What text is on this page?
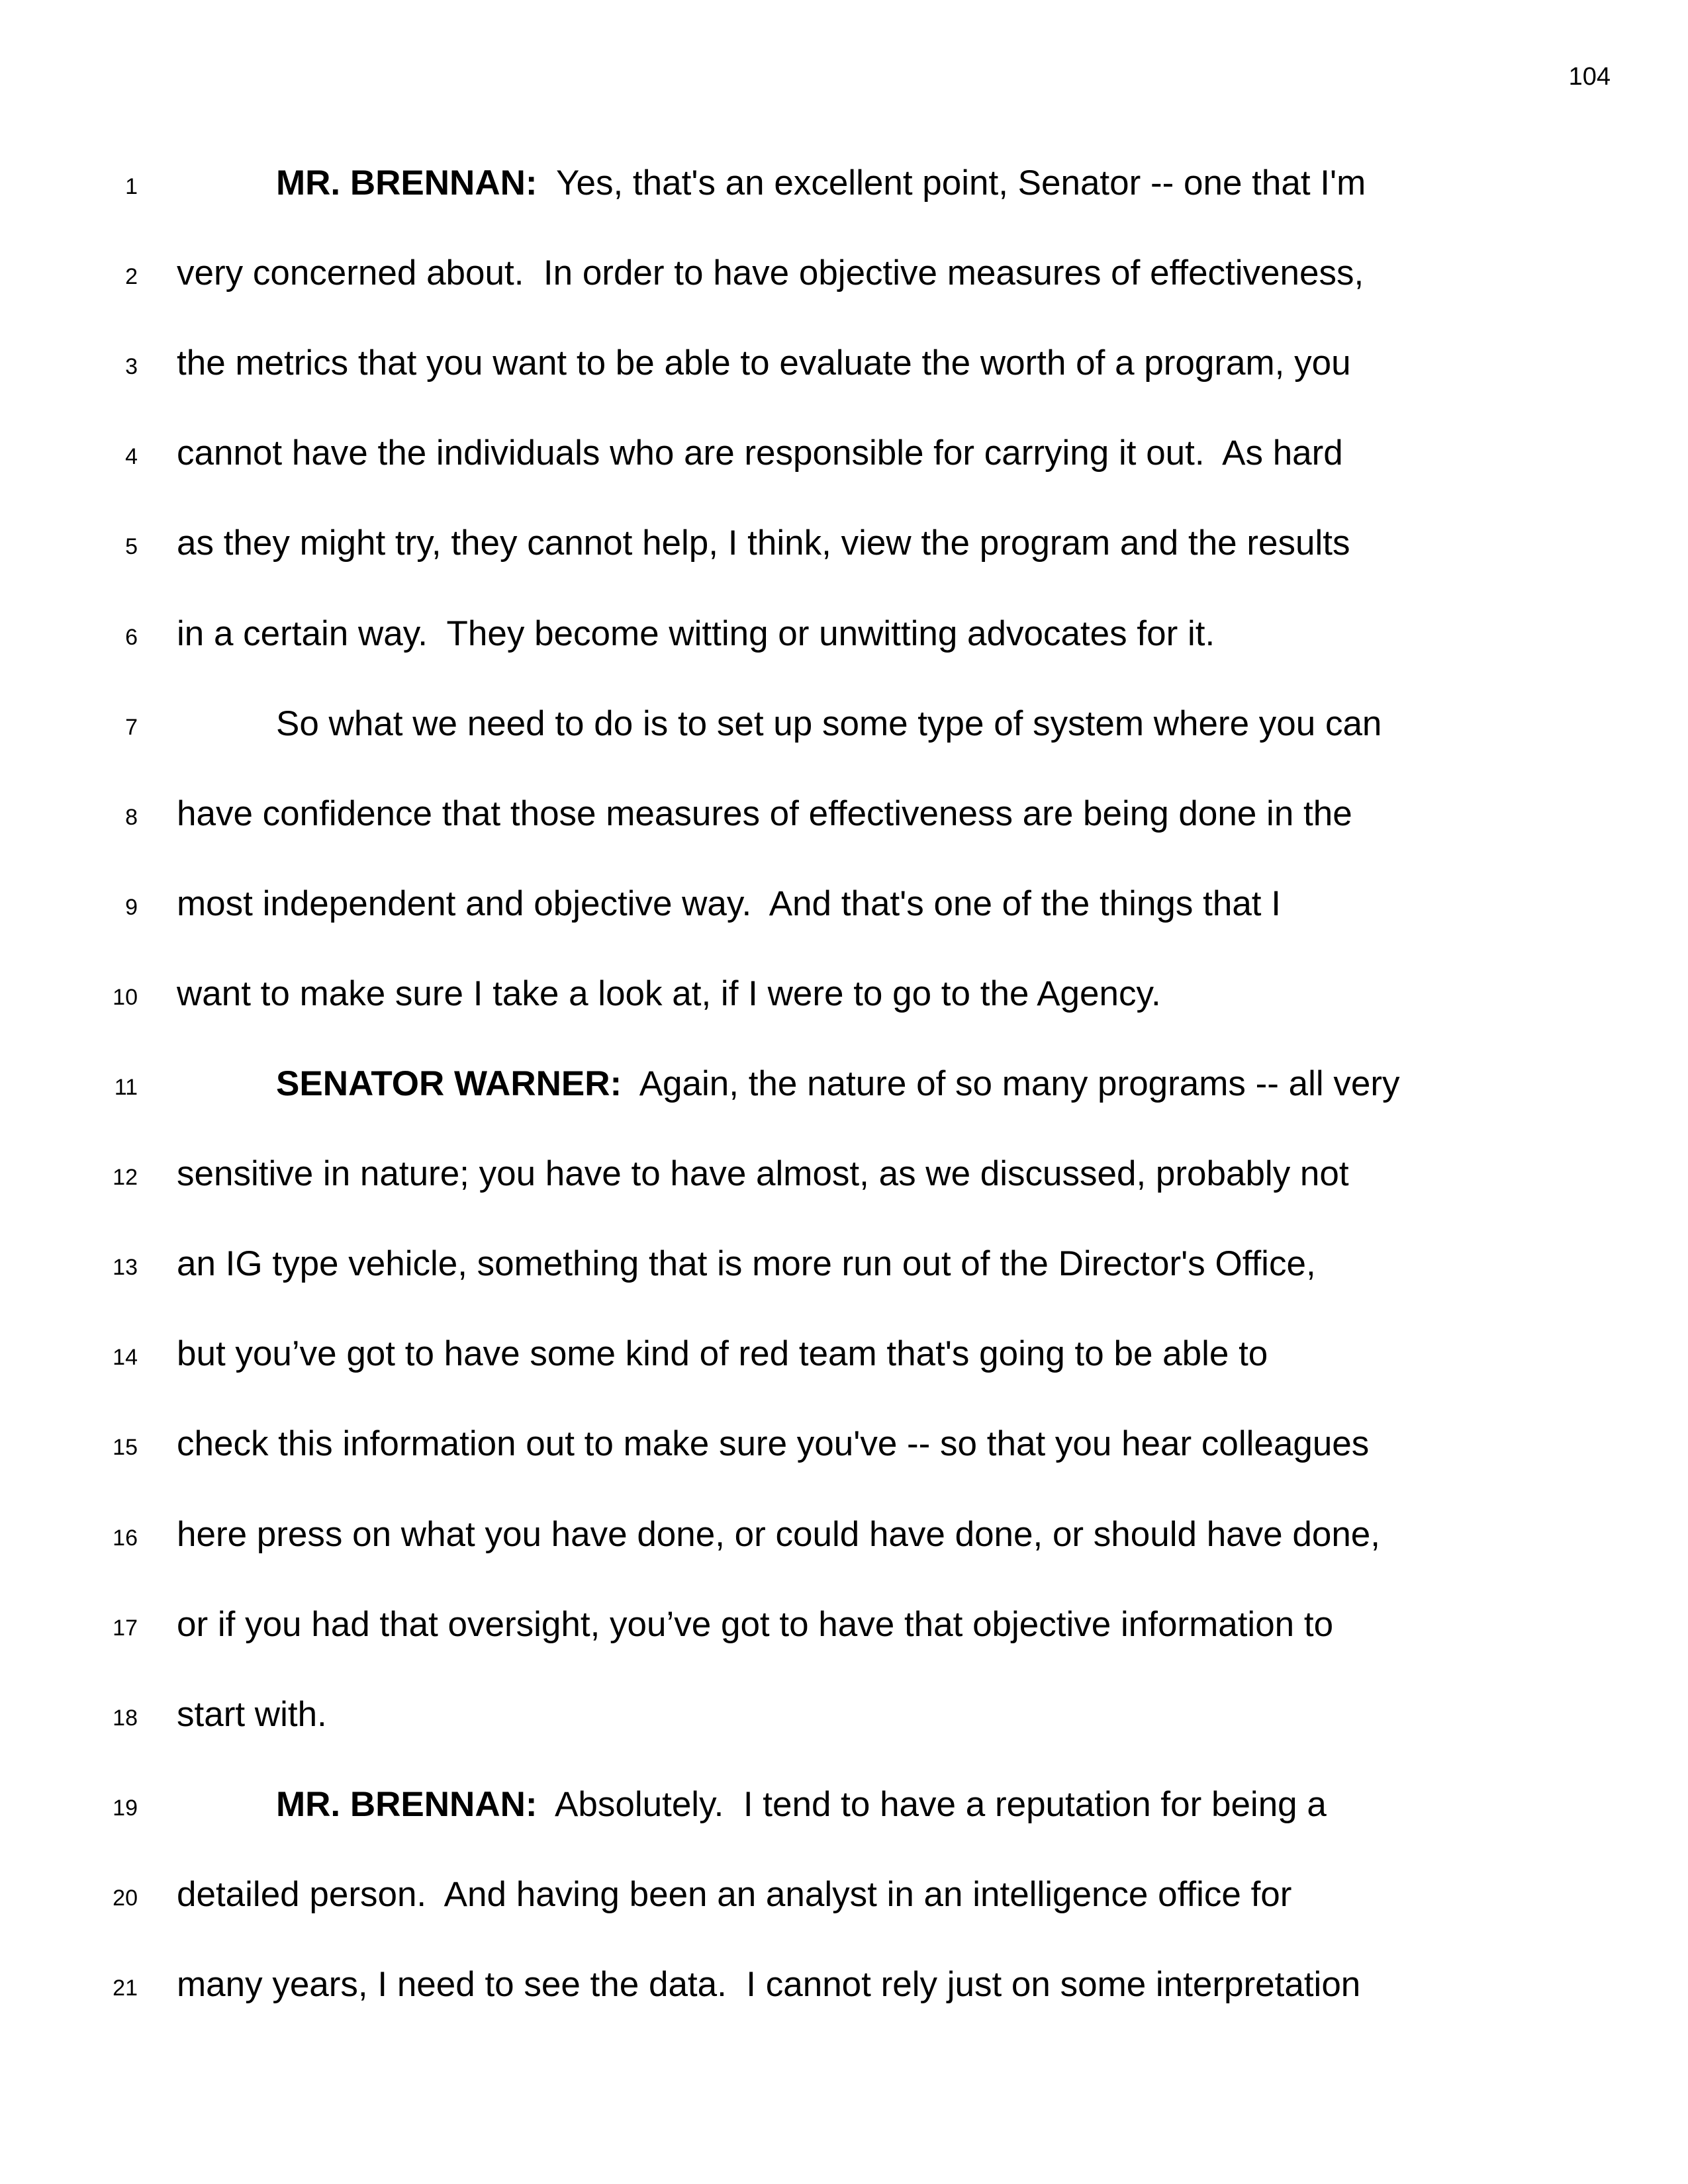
104
1	MR. BRENNAN:  Yes, that's an excellent point, Senator -- one that I'm
2 very concerned about.  In order to have objective measures of effectiveness,
3 the metrics that you want to be able to evaluate the worth of a program, you
4 cannot have the individuals who are responsible for carrying it out.  As hard
5 as they might try, they cannot help, I think, view the program and the results
6 in a certain way.  They become witting or unwitting advocates for it.
7	So what we need to do is to set up some type of system where you can
8 have confidence that those measures of effectiveness are being done in the
9 most independent and objective way.  And that's one of the things that I
10 want to make sure I take a look at, if I were to go to the Agency.
11	SENATOR WARNER:  Again, the nature of so many programs -- all very
12 sensitive in nature; you have to have almost, as we discussed, probably not
13 an IG type vehicle, something that is more run out of the Director's Office,
14 but you’ve got to have some kind of red team that's going to be able to
15 check this information out to make sure you've -- so that you hear colleagues
16 here press on what you have done, or could have done, or should have done,
17 or if you had that oversight, you’ve got to have that objective information to
18 start with.
19	MR. BRENNAN:  Absolutely.  I tend to have a reputation for being a
20 detailed person.  And having been an analyst in an intelligence office for
21 many years, I need to see the data.  I cannot rely just on some interpretation
